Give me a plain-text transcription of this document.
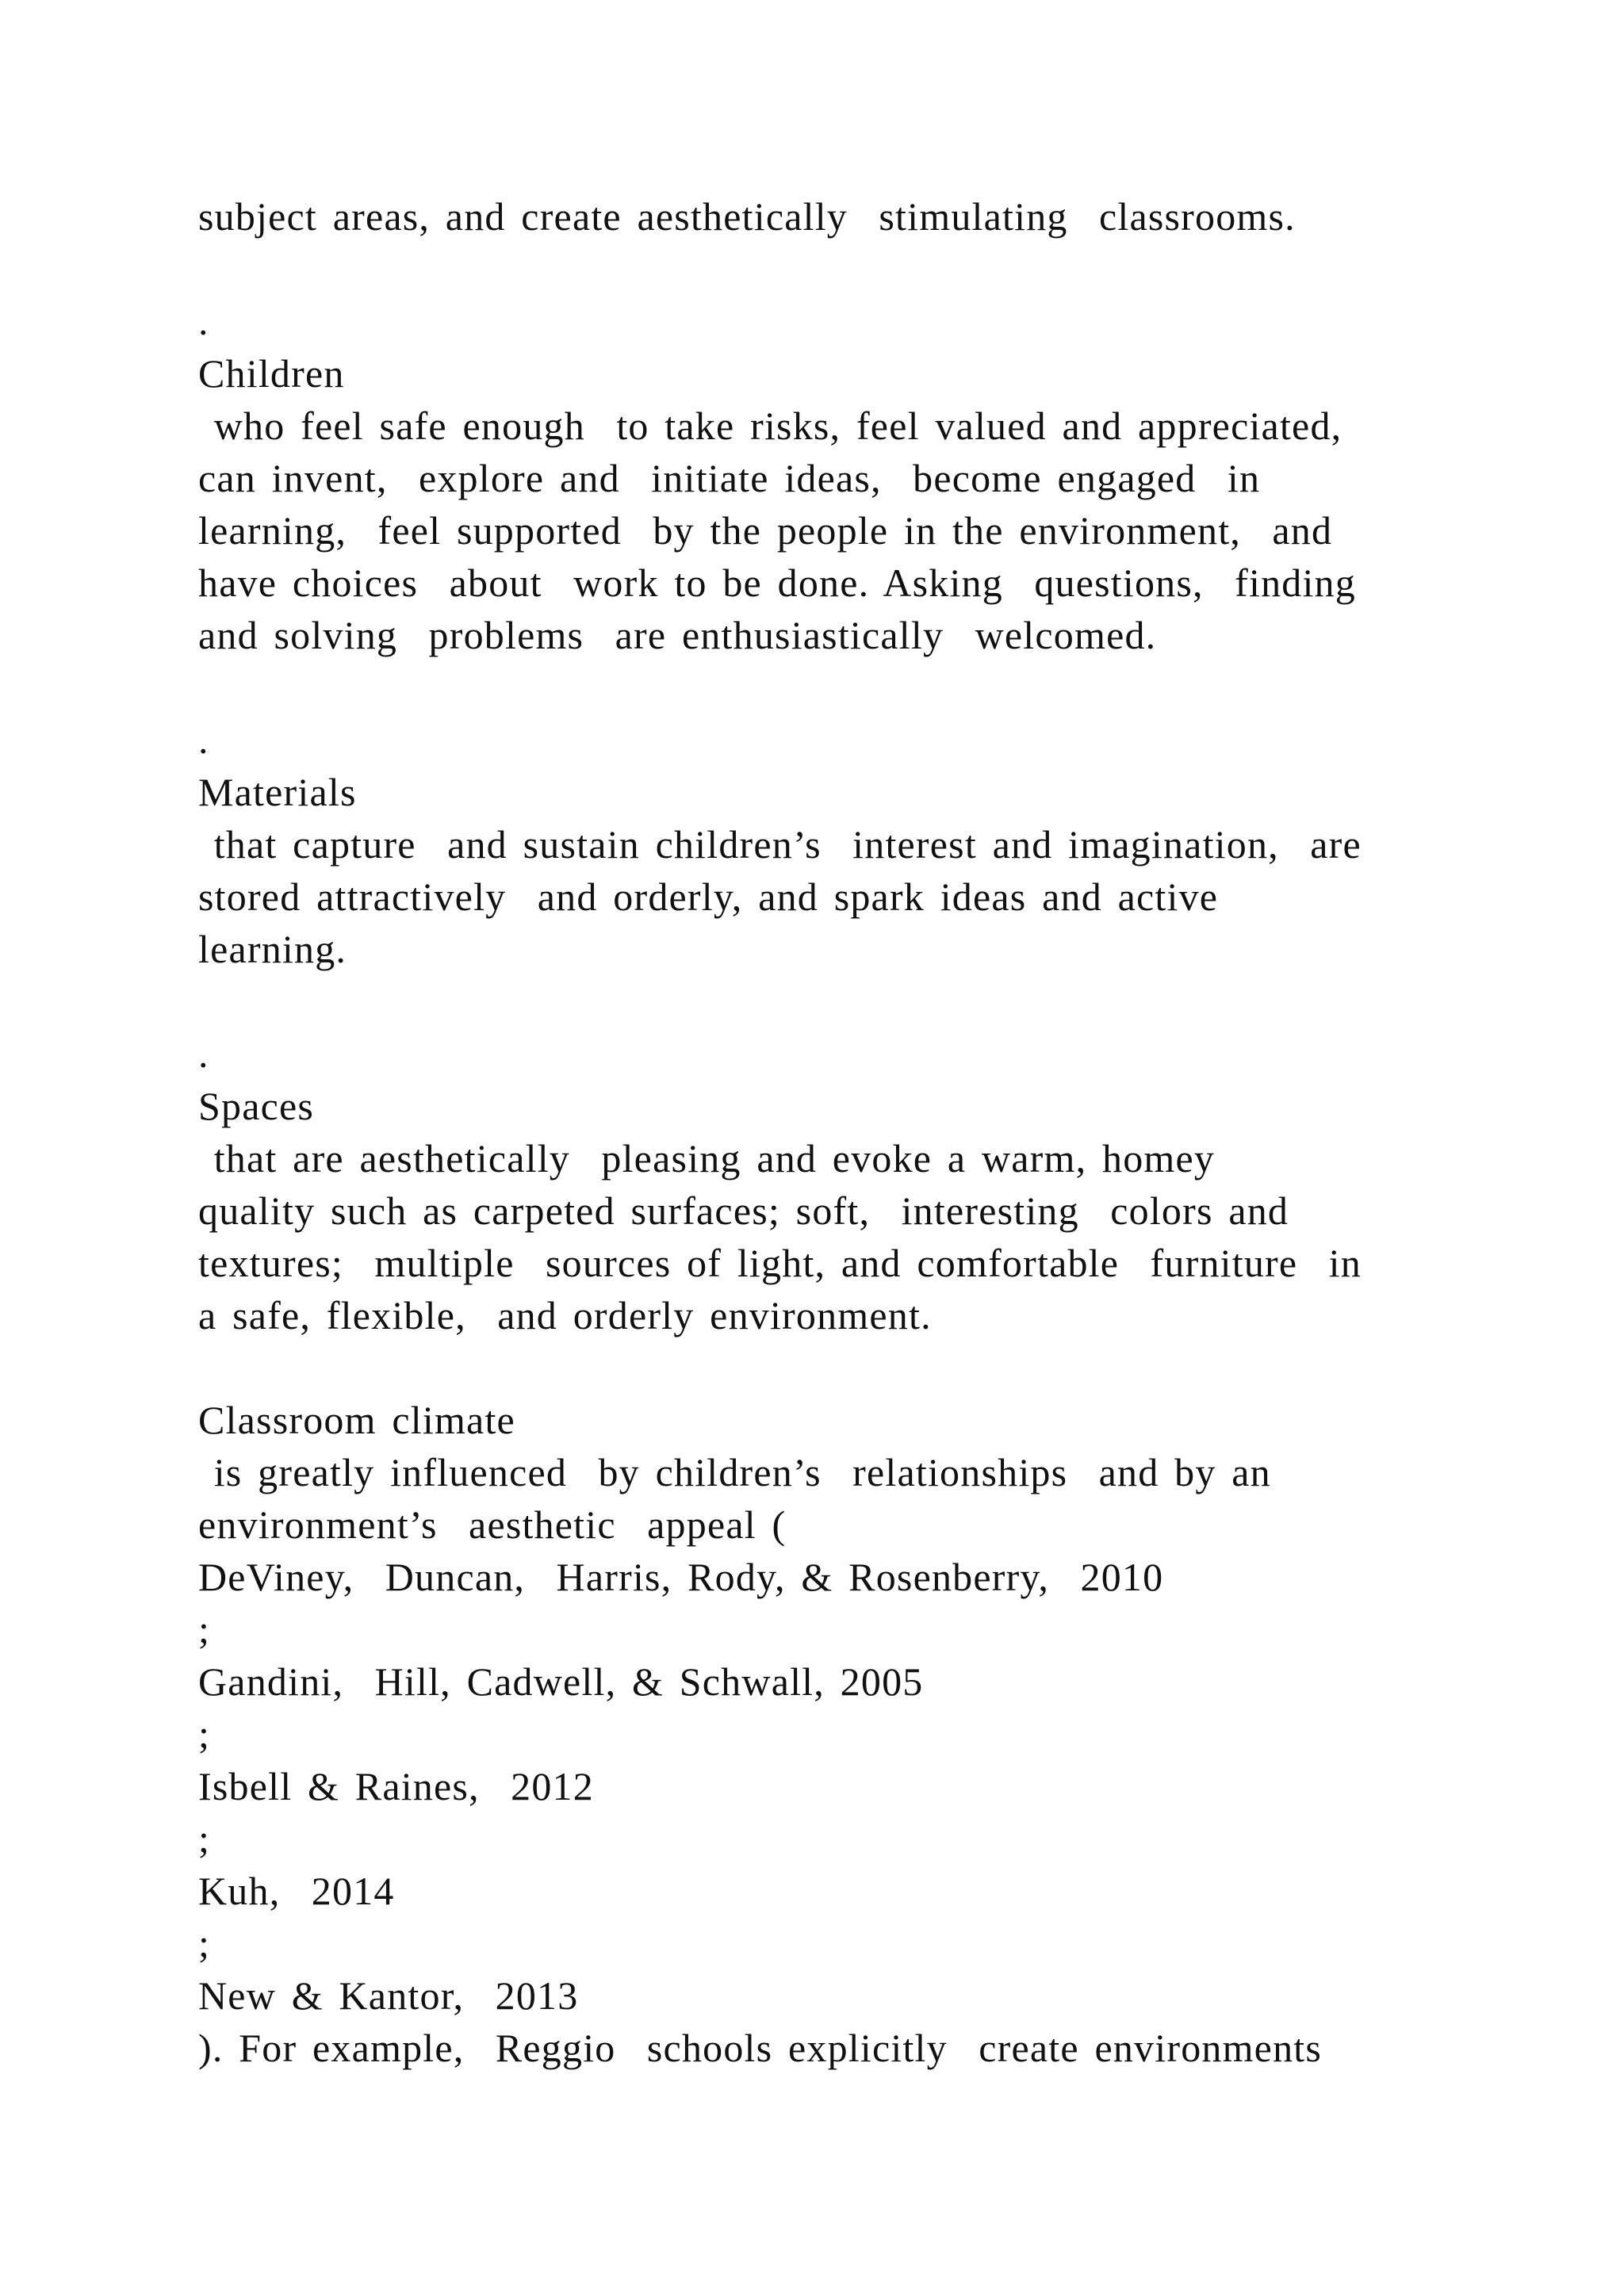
subject areas, and create aesthetically  stimulating  classrooms.
.
Children
who feel safe enough  to take risks, feel valued and appreciated,
can invent,  explore and  initiate ideas,  become engaged  in
learning,  feel supported  by the people in the environment,  and
have choices  about  work to be done. Asking  questions,  finding
and solving  problems  are enthusiastically  welcomed.
.
Materials
that capture  and sustain children’s  interest and imagination,  are
stored attractively  and orderly, and spark ideas and active
learning.
.
Spaces
that are aesthetically  pleasing and evoke a warm, homey
quality such as carpeted surfaces; soft,  interesting  colors and
textures;  multiple  sources of light, and comfortable  furniture  in
a safe, flexible,  and orderly environment.
Classroom climate
is greatly influenced  by children’s  relationships  and by an
environment’s  aesthetic  appeal (
DeViney,  Duncan,  Harris, Rody, & Rosenberry,  2010
;
Gandini,  Hill, Cadwell, & Schwall, 2005
;
Isbell & Raines,  2012
;
Kuh,  2014
;
New & Kantor,  2013
). For example,  Reggio  schools explicitly  create environments
